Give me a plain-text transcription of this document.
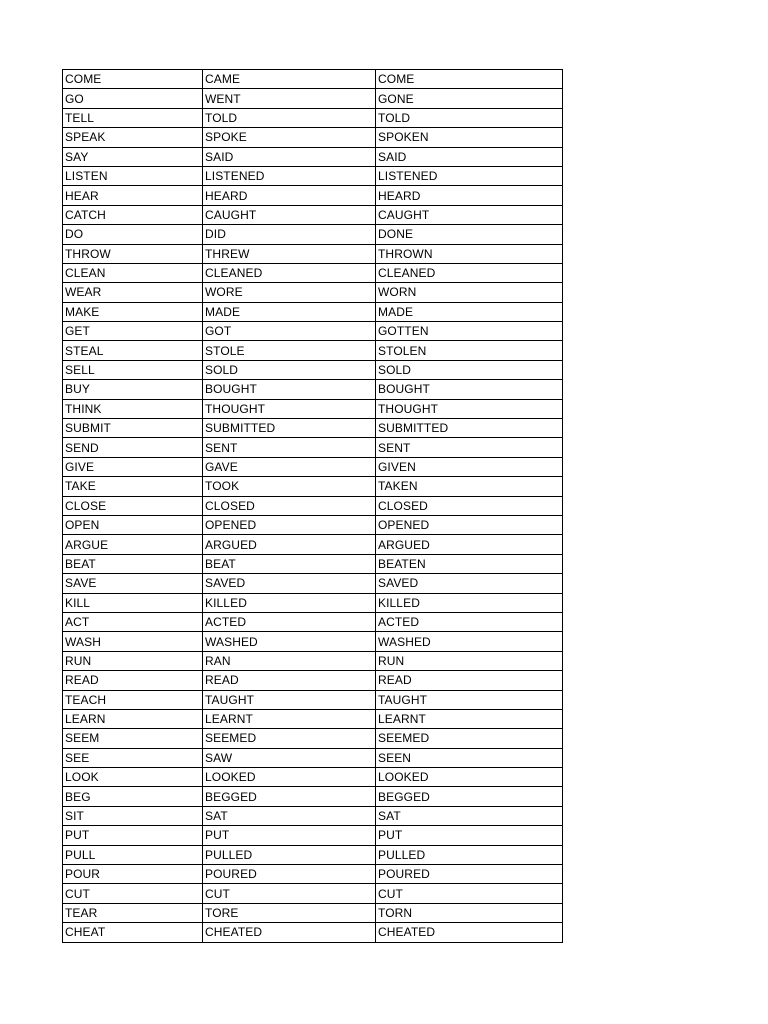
COME	CAME	COME
GO	WENT	GONE
TELL	TOLD	TOLD
SPEAK	SPOKE	SPOKEN
SAY	SAID	SAID
LISTEN	LISTENED	LISTENED
HEAR	HEARD	HEARD
CATCH	CAUGHT	CAUGHT
DO	DID	DONE
THROW	THREW	THROWN
CLEAN	CLEANED	CLEANED
WEAR	WORE	WORN
MAKE	MADE	MADE
GET	GOT	GOTTEN
STEAL	STOLE	STOLEN
SELL	SOLD	SOLD
BUY	BOUGHT	BOUGHT
THINK	THOUGHT	THOUGHT
SUBMIT	SUBMITTED	SUBMITTED
SEND	SENT	SENT
GIVE	GAVE	GIVEN
TAKE	TOOK	TAKEN
CLOSE	CLOSED	CLOSED
OPEN	OPENED	OPENED
ARGUE	ARGUED	ARGUED
BEAT	BEAT	BEATEN
SAVE	SAVED	SAVED
KILL	KILLED	KILLED
ACT	ACTED	ACTED
WASH	WASHED	WASHED
RUN	RAN	RUN
READ	READ	READ
TEACH	TAUGHT	TAUGHT
LEARN	LEARNT	LEARNT
SEEM	SEEMED	SEEMED
SEE	SAW	SEEN
LOOK	LOOKED	LOOKED
BEG	BEGGED	BEGGED
SIT	SAT	SAT
PUT	PUT	PUT
PULL	PULLED	PULLED
POUR	POURED	POURED
CUT	CUT	CUT
TEAR	TORE	TORN
CHEAT	CHEATED	CHEATED
